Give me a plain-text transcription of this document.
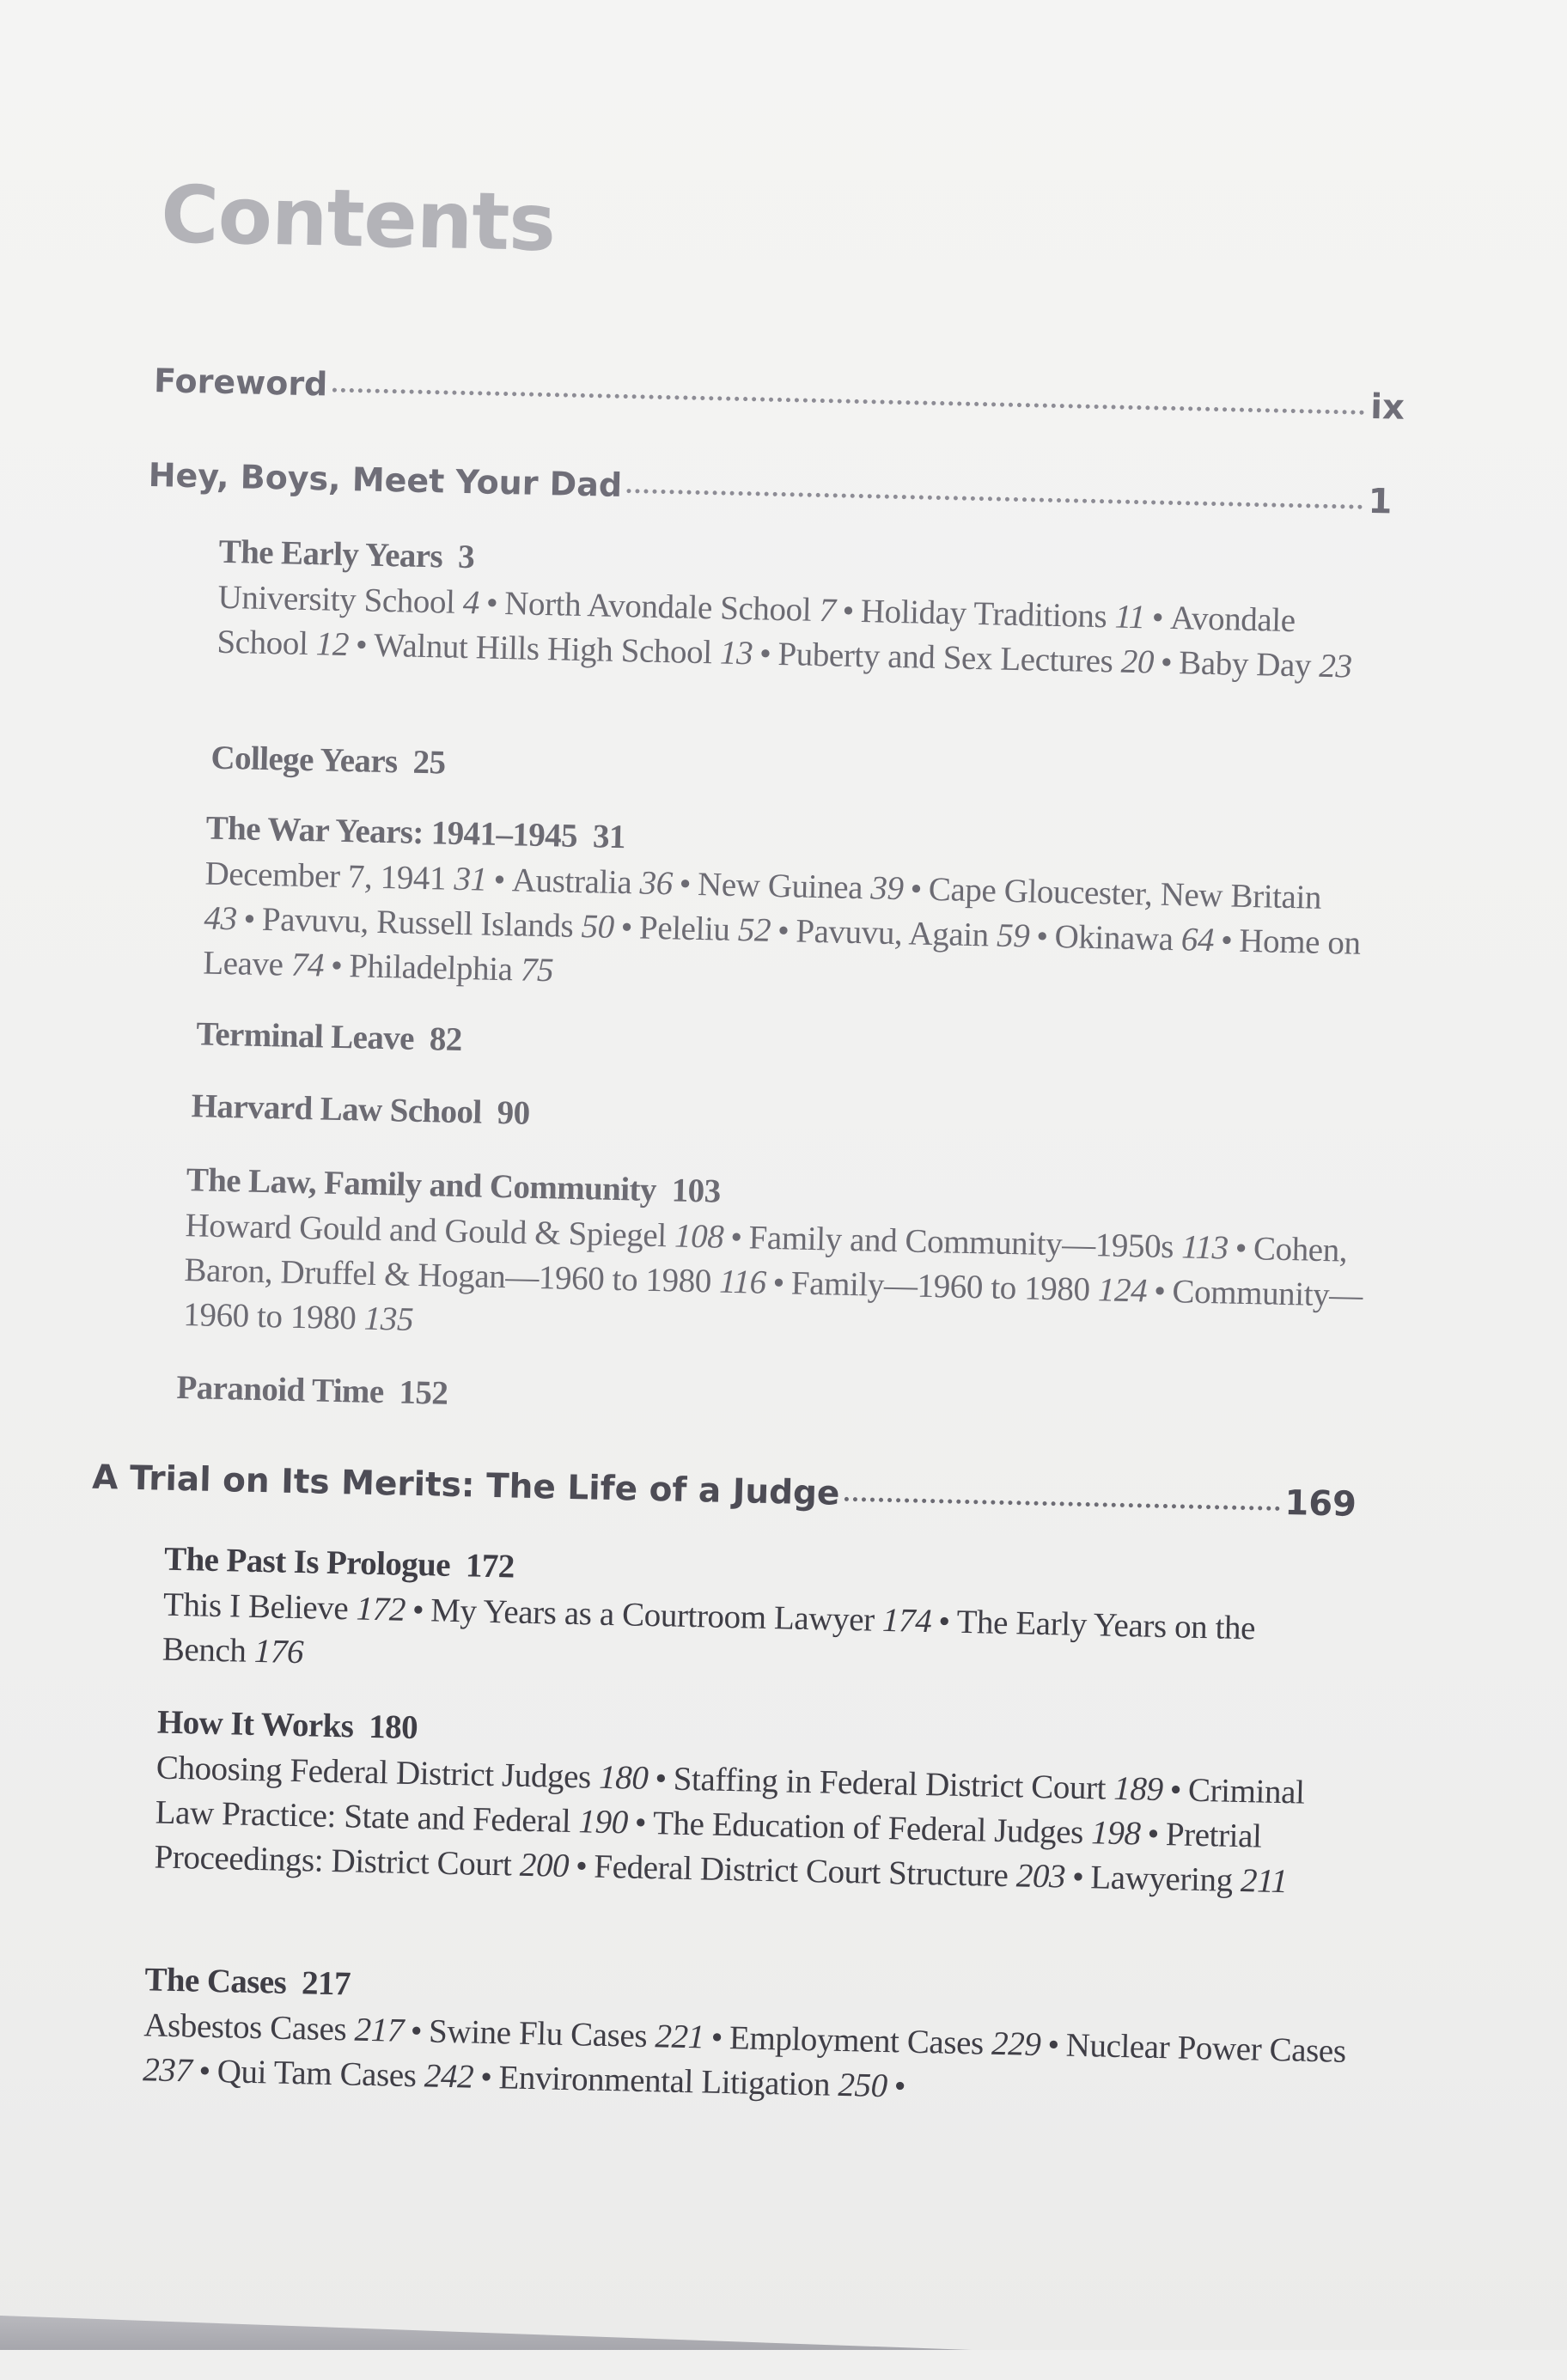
Contents
Foreword
ix
Hey, Boys, Meet Your Dad	1
The Early Years 3
University School 4 • North Avondale School 7 • Holiday Traditions 11 • Avondale School 12 • Walnut Hills High School 13 • Puberty and Sex Lectures 20 • Baby Day 23
College Years 25
The War Years: 1941–1945 31
December 7, 1941 31 • Australia 36 • New Guinea 39 • Cape Gloucester, New Britain 43 • Pavuvu, Russell Islands 50 • Peleliu 52 • Pavuvu, Again 59 • Okinawa 64 • Home on Leave 74 • Philadelphia 75
Terminal Leave 82
Harvard Law School 90
The Law, Family and Community 103
Howard Gould and Gould & Spiegel 108 • Family and Community—1950s 113 • Cohen, Baron, Druffel & Hogan—1960 to 1980 116 • Family—1960 to 1980 124 • Community—1960 to 1980 135
Paranoid Time 152
A Trial on Its Merits: The Life of a Judge	169
The Past Is Prologue 172
This I Believe 172 • My Years as a Courtroom Lawyer 174 • The Early Years on the Bench 176
How It Works 180
Choosing Federal District Judges 180 • Staffing in Federal District Court 189 • Criminal Law Practice: State and Federal 190 • The Education of Federal Judges 198 • Pretrial Proceedings: District Court 200 • Federal District Court Structure 203 • Lawyering 211
The Cases 217
Asbestos Cases 217 • Swine Flu Cases 221 • Employment Cases 229 • Nuclear Power Cases 237 • Qui Tam Cases 242 • Environmental Litigation 250 •
